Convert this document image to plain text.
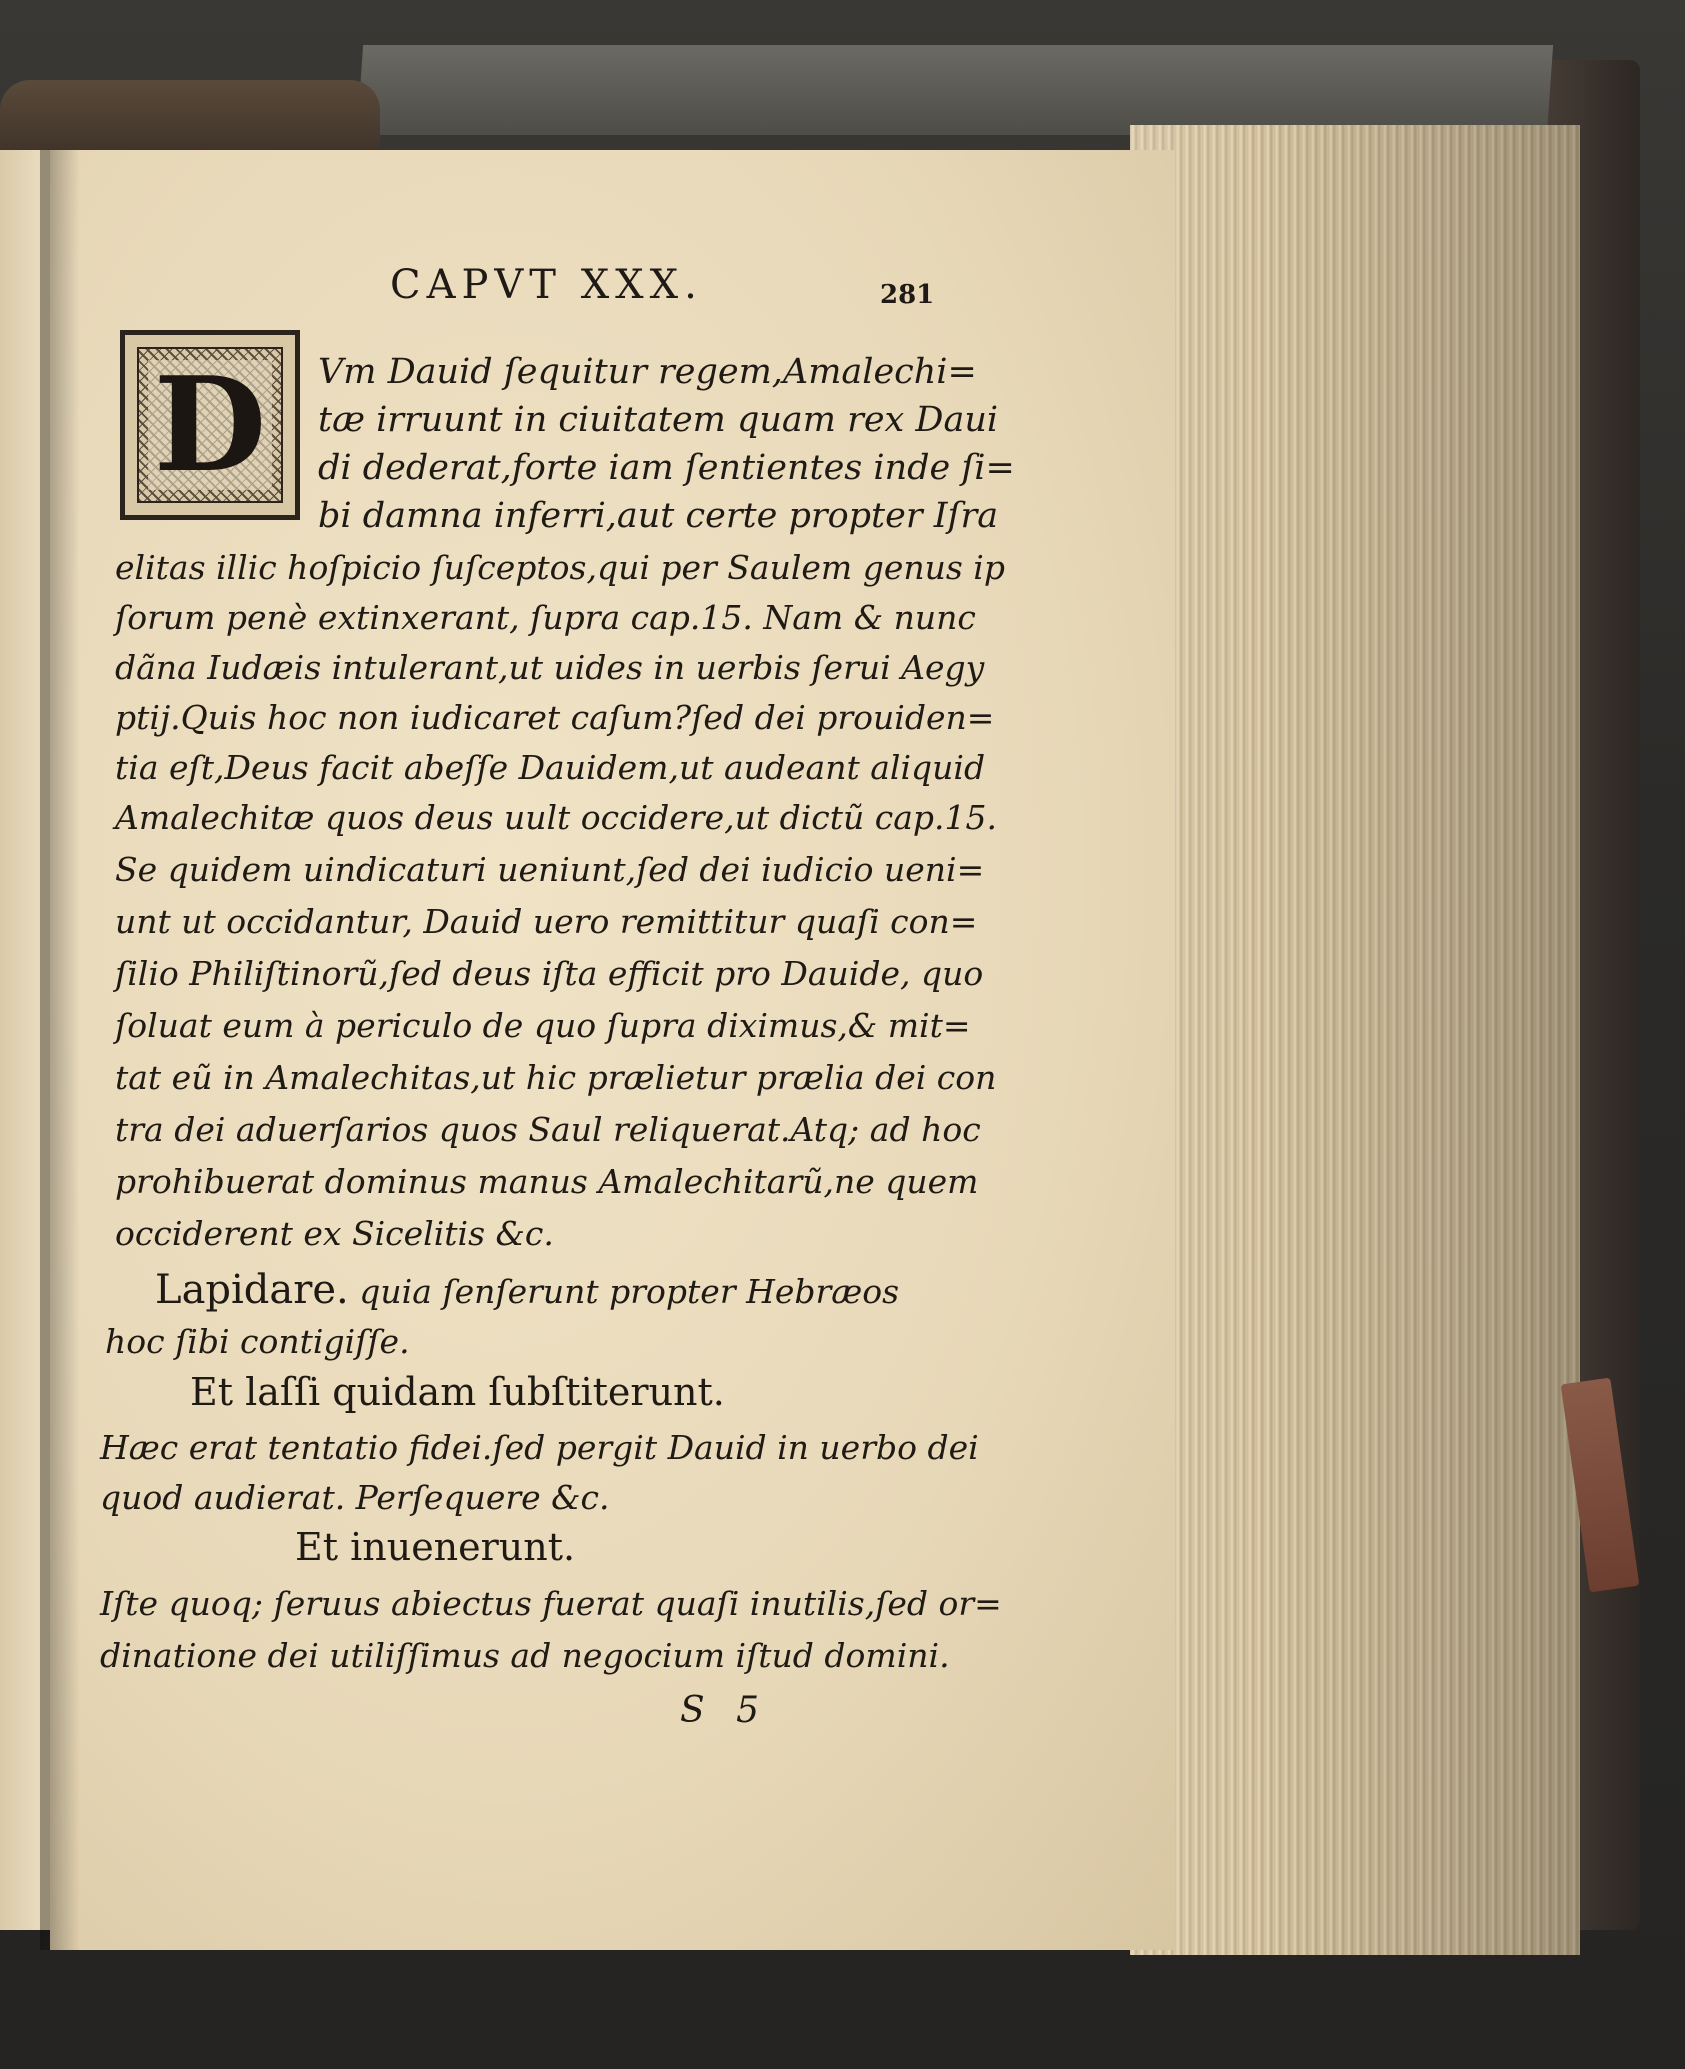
CAPVT XXX.	281
D Vm Dauid ſequitur regem,Amalechi=
tæ irruunt in ciuitatem quam rex Daui
di dederat,forte iam ſentientes inde ſi=
bi damna inferri,aut certe propter Iſra
elitas illic hoſpicio ſuſceptos,qui per Saulem genus ip
ſorum penè extinxerant, ſupra cap.15. Nam & nunc
dãna Iudæis intulerant,ut uides in uerbis ſerui Aegy
ptij.Quis hoc non iudicaret caſum?ſed dei prouiden=
tia eſt,Deus facit abeſſe Dauidem,ut audeant aliquid
Amalechitæ quos deus uult occidere,ut dictũ cap.15.
Se quidem uindicaturi ueniunt,ſed dei iudicio ueni=
unt ut occidantur, Dauid uero remittitur quaſi con=
ſilio Philiſtinorũ,ſed deus iſta efficit pro Dauide, quo
ſoluat eum à periculo de quo ſupra diximus,& mit=
tat eũ in Amalechitas,ut hic prælietur prælia dei con
tra dei aduerſarios quos Saul reliquerat.Atq; ad hoc
prohibuerat dominus manus Amalechitarũ,ne quem
occiderent ex Sicelitis &c.
Lapidare. quia ſenſerunt propter Hebræos
hoc ſibi contigiſſe.
Et laſſi quidam ſubſtiterunt.
Hæc erat tentatio fidei.ſed pergit Dauid in uerbo dei
quod audierat. Perſequere &c.
Et inuenerunt.
Iſte quoq; ſeruus abiectus fuerat quaſi inutilis,ſed or=
dinatione dei utiliſſimus ad negocium iſtud domini.
S 5
